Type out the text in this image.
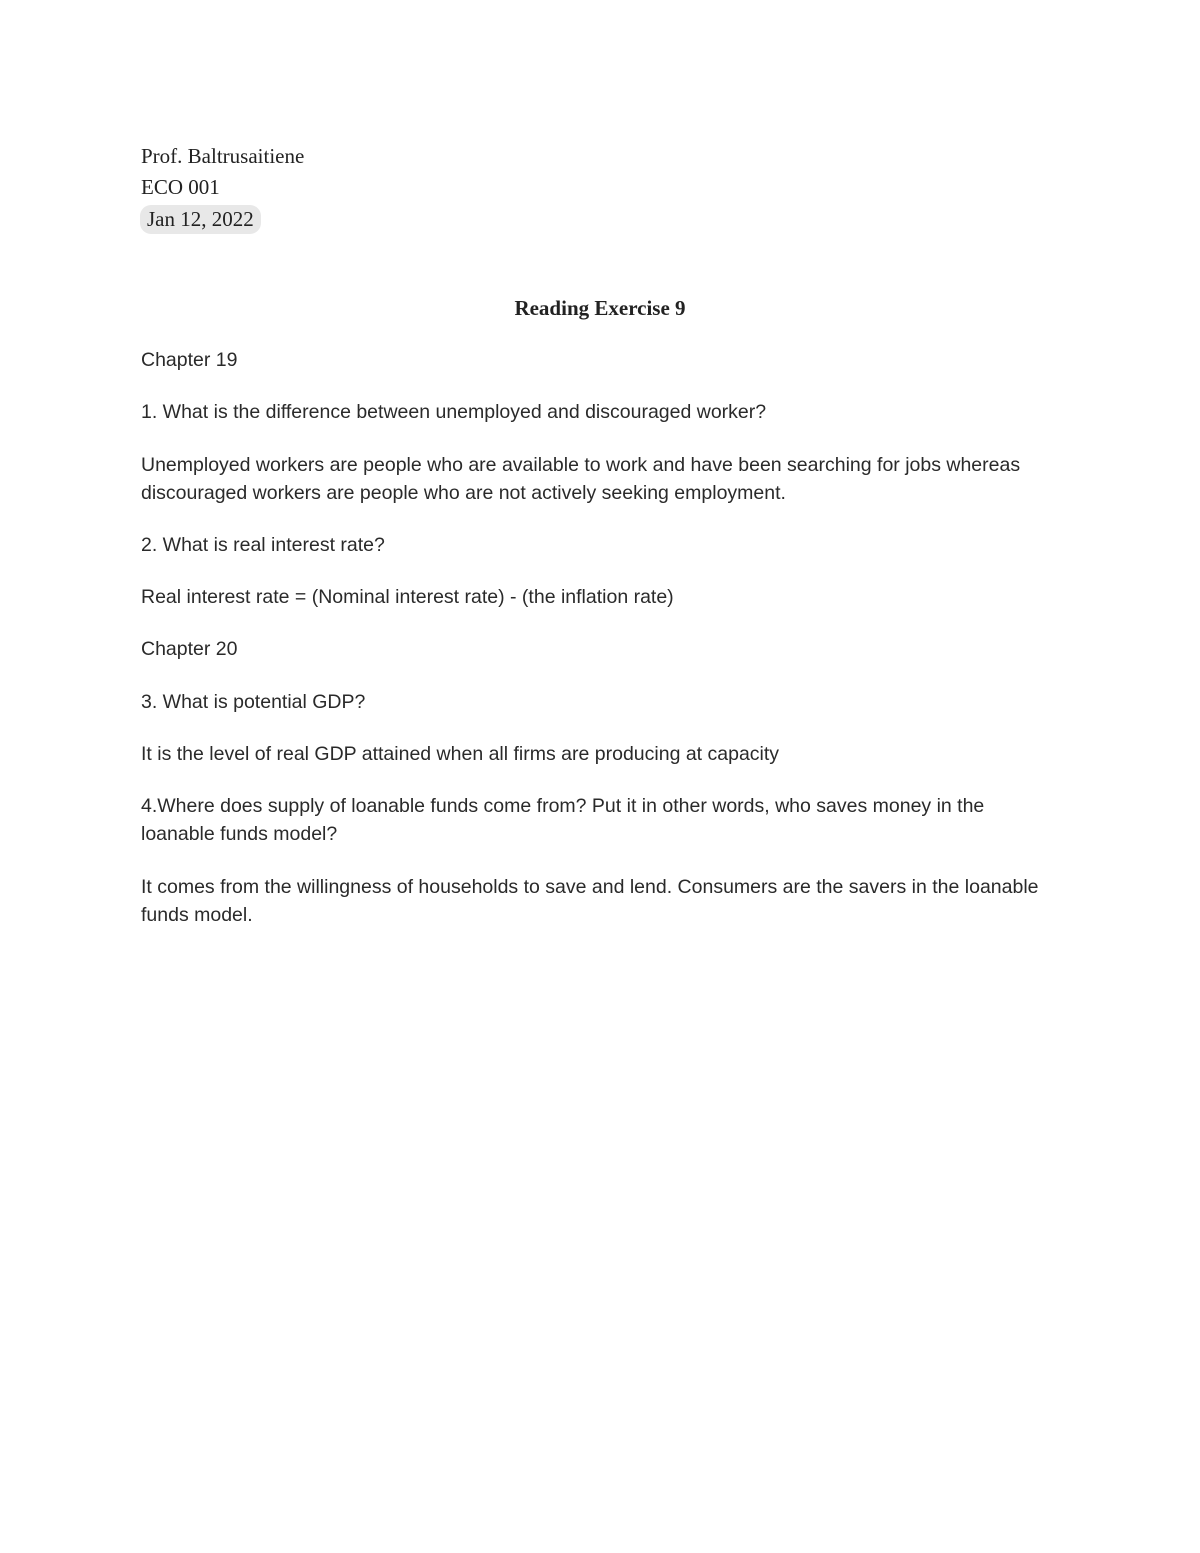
Prof. Baltrusaitiene
ECO 001
Jan 12, 2022
Reading Exercise 9

Chapter 19

1. What is the difference between unemployed and discouraged worker?

Unemployed workers are people who are available to work and have been searching for jobs whereas discouraged workers are people who are not actively seeking employment.

2. What is real interest rate?

Real interest rate = (Nominal interest rate) - (the inflation rate)

Chapter 20

3. What is potential GDP?

It is the level of real GDP attained when all firms are producing at capacity

4.Where does supply of loanable funds come from? Put it in other words, who saves money in the loanable funds model?

It comes from the willingness of households to save and lend. Consumers are the savers in the loanable funds model.
